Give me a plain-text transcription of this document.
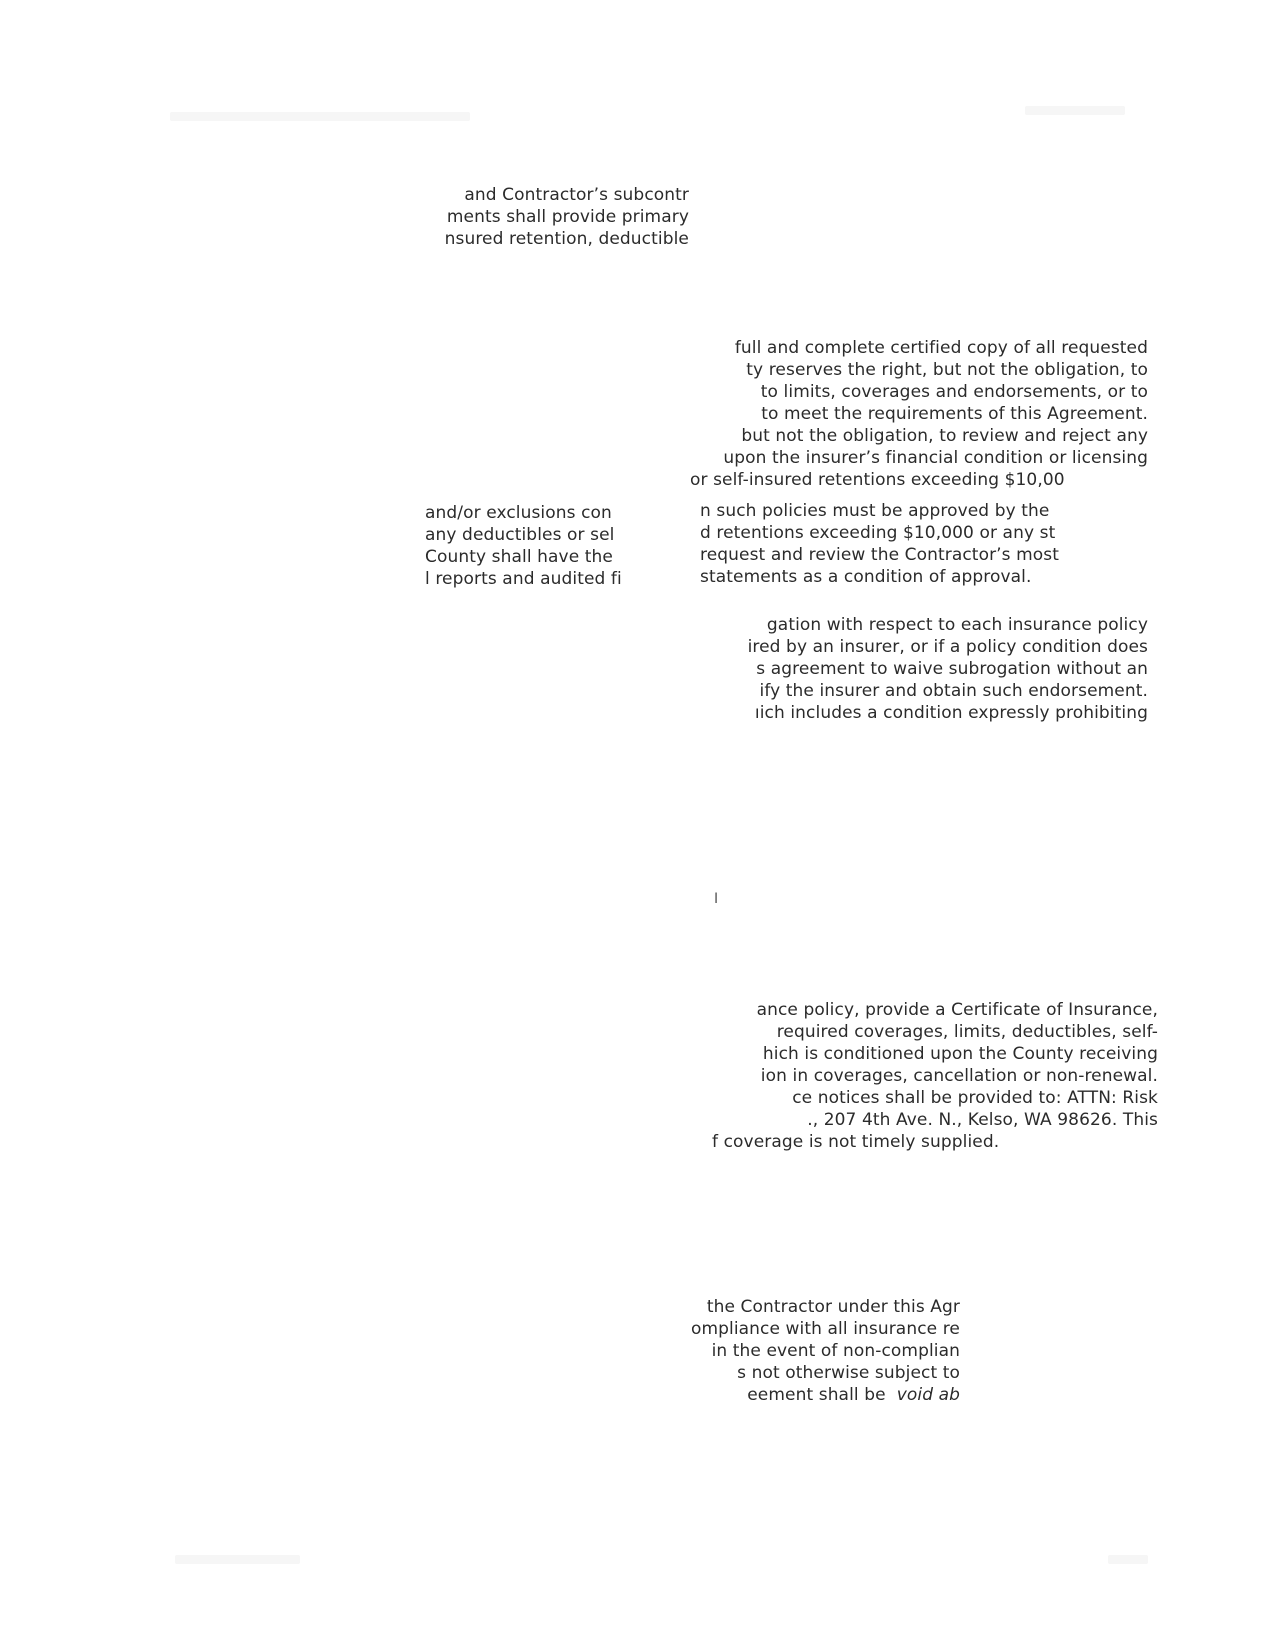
and Contractor’s subcontr
ments shall provide primary
nsured retention, deductible
full and complete certified copy of all requested
ty reserves the right, but not the obligation, to
to limits, coverages and endorsements, or to
to meet the requirements of this Agreement.
but not the obligation, to review and reject any
upon the insurer’s financial condition or licensing
or self-insured retentions exceeding $10,00
and/or exclusions con
any deductibles or sel
County shall have the
l reports and audited fi
n such policies must be approved by the
d retentions exceeding $10,000 or any st
request and review the Contractor’s most
statements as a condition of approval.
gation with respect to each insurance policy
ired by an insurer, or if a policy condition does
s agreement to waive subrogation without an
ify the insurer and obtain such endorsement.
ıich includes a condition expressly prohibiting
I
ance policy, provide a Certificate of Insurance,
required coverages, limits, deductibles, self-
hich is conditioned upon the County receiving
ion in coverages, cancellation or non-renewal.
ce notices shall be provided to: ATTN: Risk
., 207 4th Ave. N., Kelso, WA 98626. This
f coverage is not timely supplied.
the Contractor under this Agr
ompliance with all insurance re
in the event of non-complian
s not otherwise subject to
eement shall be void ab
